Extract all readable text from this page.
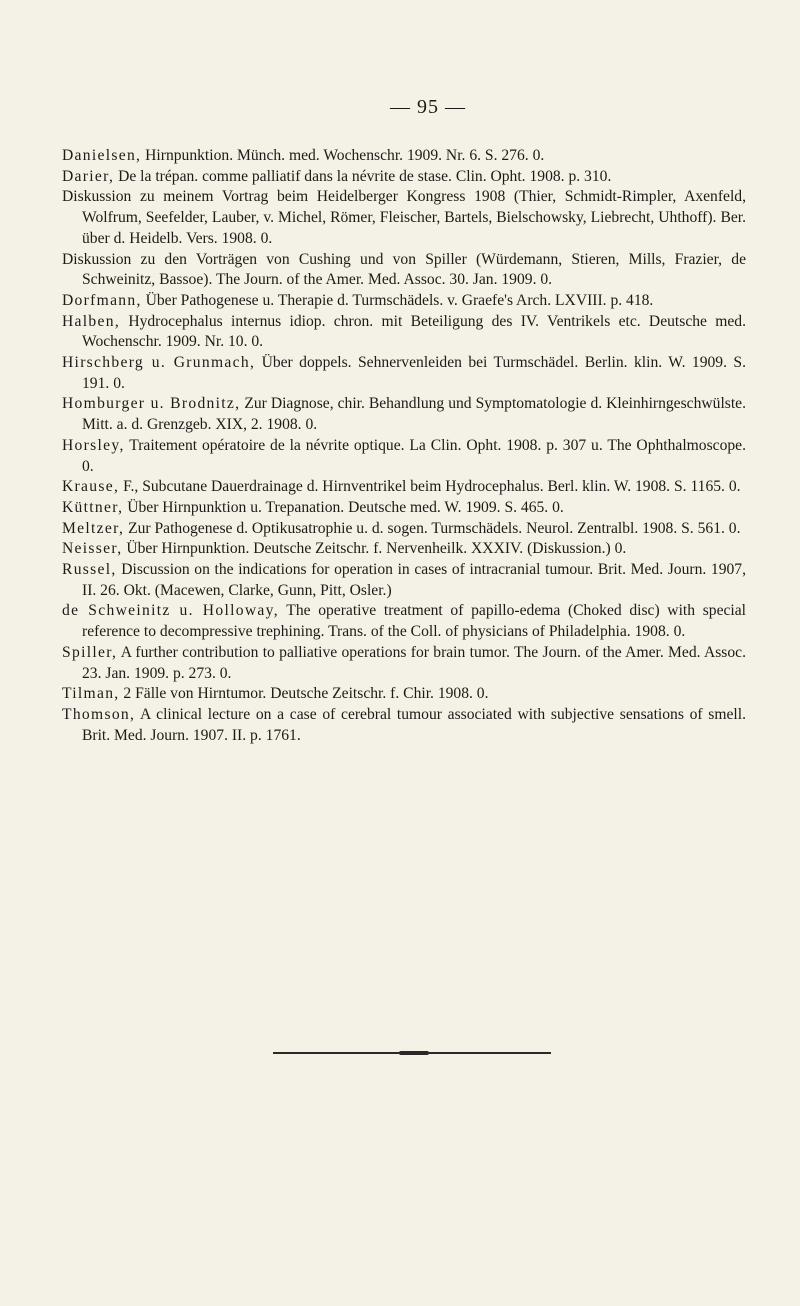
— 95 —

Danielsen, Hirnpunktion. Münch. med. Wochenschr. 1909. Nr. 6. S. 276. 0.

Darier, De la trépan. comme palliatif dans la névrite de stase. Clin. Opht. 1908. p. 310.

Diskussion zu meinem Vortrag beim Heidelberger Kongress 1908 (Thier, Schmidt-Rimpler, Axenfeld, Wolfrum, Seefelder, Lauber, v. Michel, Römer, Fleischer, Bartels, Bielschowsky, Liebrecht, Uhthoff). Ber. über d. Heidelb. Vers. 1908. 0.

Diskussion zu den Vorträgen von Cushing und von Spiller (Würdemann, Stieren, Mills, Frazier, de Schweinitz, Bassoe). The Journ. of the Amer. Med. Assoc. 30. Jan. 1909. 0.

Dorfmann, Über Pathogenese u. Therapie d. Turmschädels. v. Graefe's Arch. LXVIII. p. 418.

Halben, Hydrocephalus internus idiop. chron. mit Beteiligung des IV. Ventrikels etc. Deutsche med. Wochenschr. 1909. Nr. 10. 0.

Hirschberg u. Grunmach, Über doppels. Sehnervenleiden bei Turmschädel. Berlin. klin. W. 1909. S. 191. 0.

Homburger u. Brodnitz, Zur Diagnose, chir. Behandlung und Symptomatologie d. Kleinhirngeschwülste. Mitt. a. d. Grenzgeb. XIX, 2. 1908. 0.

Horsley, Traitement opératoire de la névrite optique. La Clin. Opht. 1908. p. 307 u. The Ophthalmoscope. 0.

Krause, F., Subcutane Dauerdrainage d. Hirnventrikel beim Hydrocephalus. Berl. klin. W. 1908. S. 1165. 0.

Küttner, Über Hirnpunktion u. Trepanation. Deutsche med. W. 1909. S. 465. 0.

Meltzer, Zur Pathogenese d. Optikusatrophie u. d. sogen. Turmschädels. Neurol. Zentralbl. 1908. S. 561. 0.

Neisser, Über Hirnpunktion. Deutsche Zeitschr. f. Nervenheilk. XXXIV. (Diskussion.) 0.

Russel, Discussion on the indications for operation in cases of intracranial tumour. Brit. Med. Journ. 1907, II. 26. Okt. (Macewen, Clarke, Gunn, Pitt, Osler.)

de Schweinitz u. Holloway, The operative treatment of papillo-edema (Choked disc) with special reference to decompressive trephining. Trans. of the Coll. of physicians of Philadelphia. 1908. 0.

Spiller, A further contribution to palliative operations for brain tumor. The Journ. of the Amer. Med. Assoc. 23. Jan. 1909. p. 273. 0.

Tilman, 2 Fälle von Hirntumor. Deutsche Zeitschr. f. Chir. 1908. 0.

Thomson, A clinical lecture on a case of cerebral tumour associated with subjective sensations of smell. Brit. Med. Journ. 1907. II. p. 1761.
